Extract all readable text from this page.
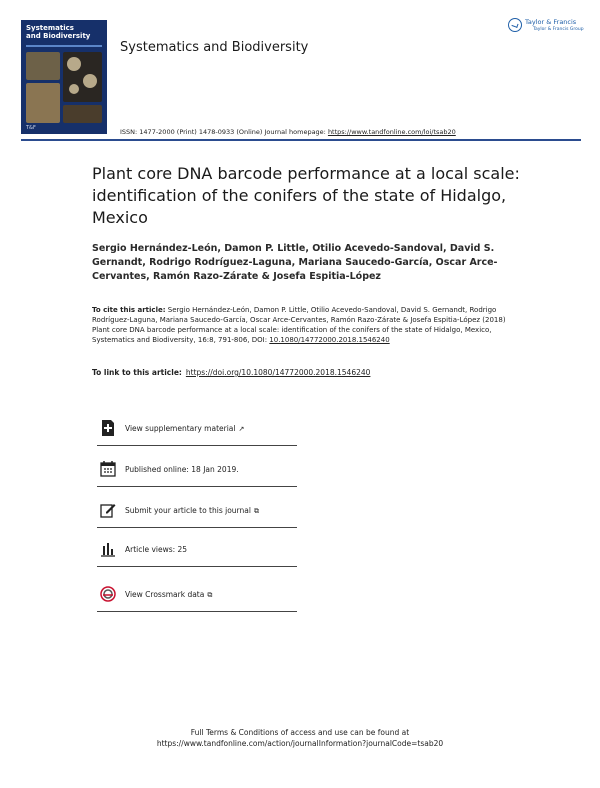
Systematics
and Biodiversity
T&F
Systematics and Biodiversity
Taylor & Francis
Taylor & Francis Group
ISSN: 1477-2000 (Print) 1478-0933 (Online) Journal homepage: https://www.tandfonline.com/loi/tsab20
Plant core DNA barcode performance at a local scale: identification of the conifers of the state of Hidalgo, Mexico
Sergio Hernández-León, Damon P. Little, Otilio Acevedo-Sandoval, David S. Gernandt, Rodrigo Rodríguez-Laguna, Mariana Saucedo-García, Oscar Arce-Cervantes, Ramón Razo-Zárate & Josefa Espitia-López
To cite this article: Sergio Hernández-León, Damon P. Little, Otilio Acevedo-Sandoval, David S. Gernandt, Rodrigo Rodríguez-Laguna, Mariana Saucedo-García, Oscar Arce-Cervantes, Ramón Razo-Zárate & Josefa Espitia-López (2018) Plant core DNA barcode performance at a local scale: identification of the conifers of the state of Hidalgo, Mexico, Systematics and Biodiversity, 16:8, 791-806, DOI: 10.1080/14772000.2018.1546240
To link to this article: https://doi.org/10.1080/14772000.2018.1546240
View supplementary material ↗
Published online: 18 Jan 2019.
Submit your article to this journal ⧉
Article views: 25
View Crossmark data ⧉
Full Terms & Conditions of access and use can be found at
https://www.tandfonline.com/action/journalInformation?journalCode=tsab20
